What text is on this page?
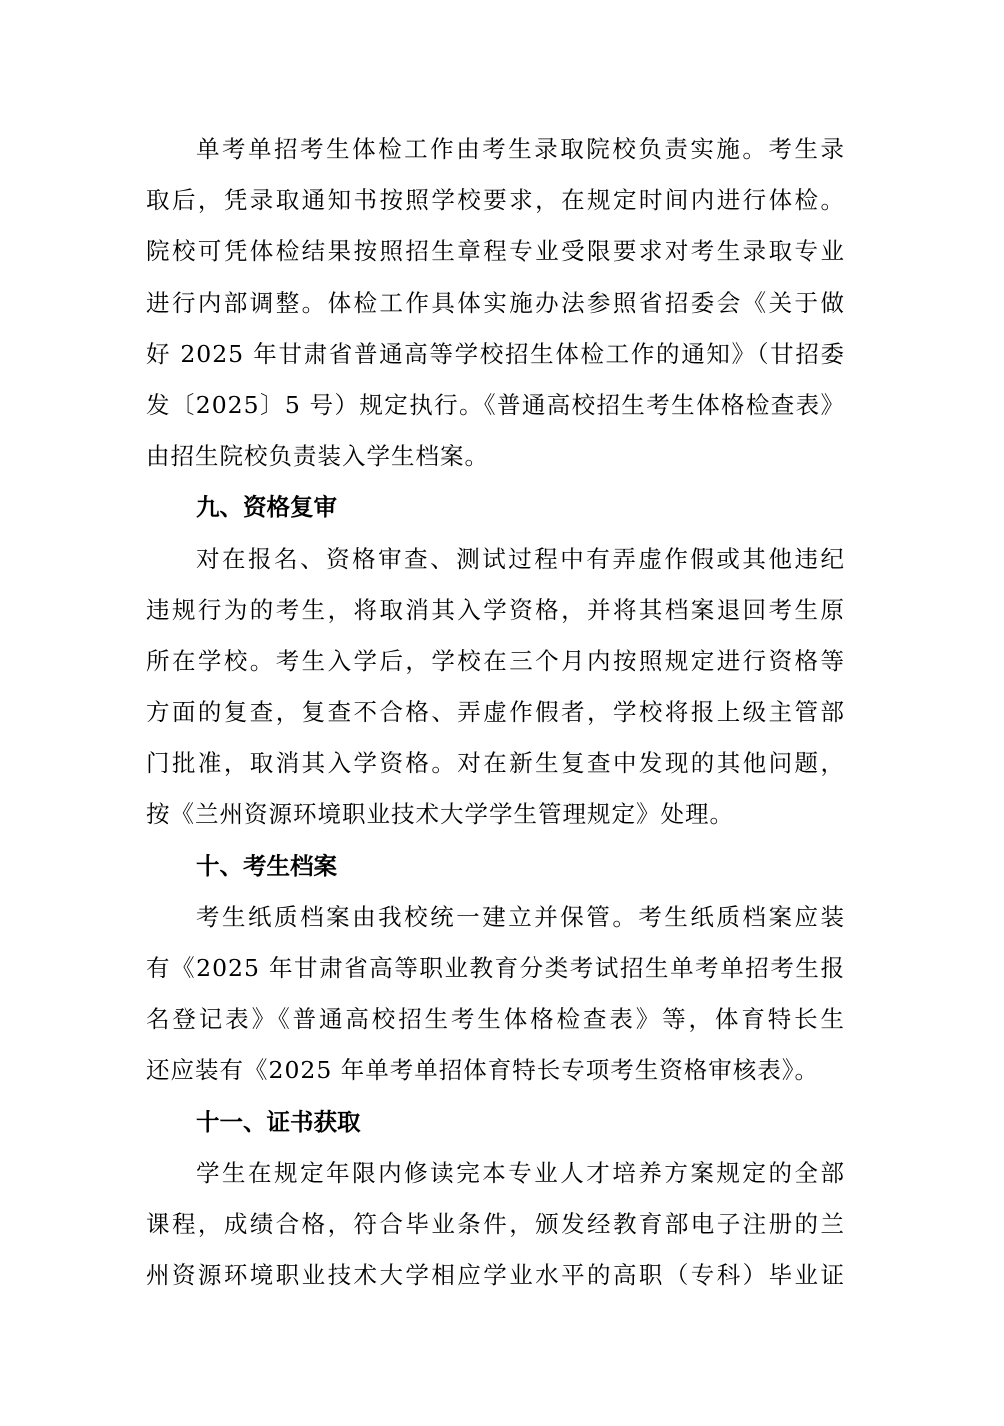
单考单招考生体检工作由考生录取院校负责实施。考生录
取后，凭录取通知书按照学校要求，在规定时间内进行体检。
院校可凭体检结果按照招生章程专业受限要求对考生录取专业
进行内部调整。体检工作具体实施办法参照省招委会《关于做
好 2025 年甘肃省普通高等学校招生体检工作的通知》（甘招委
发〔2025〕5 号）规定执行。《普通高校招生考生体格检查表》
由招生院校负责装入学生档案。
九、资格复审
对在报名、资格审查、测试过程中有弄虚作假或其他违纪
违规行为的考生，将取消其入学资格，并将其档案退回考生原
所在学校。考生入学后，学校在三个月内按照规定进行资格等
方面的复查，复查不合格、弄虚作假者，学校将报上级主管部
门批准，取消其入学资格。对在新生复查中发现的其他问题，
按《兰州资源环境职业技术大学学生管理规定》处理。
十、考生档案
考生纸质档案由我校统一建立并保管。考生纸质档案应装
有《2025 年甘肃省高等职业教育分类考试招生单考单招考生报
名登记表》《普通高校招生考生体格检查表》等，体育特长生
还应装有《2025 年单考单招体育特长专项考生资格审核表》。
十一、证书获取
学生在规定年限内修读完本专业人才培养方案规定的全部
课程，成绩合格，符合毕业条件，颁发经教育部电子注册的兰
州资源环境职业技术大学相应学业水平的高职（专科）毕业证
